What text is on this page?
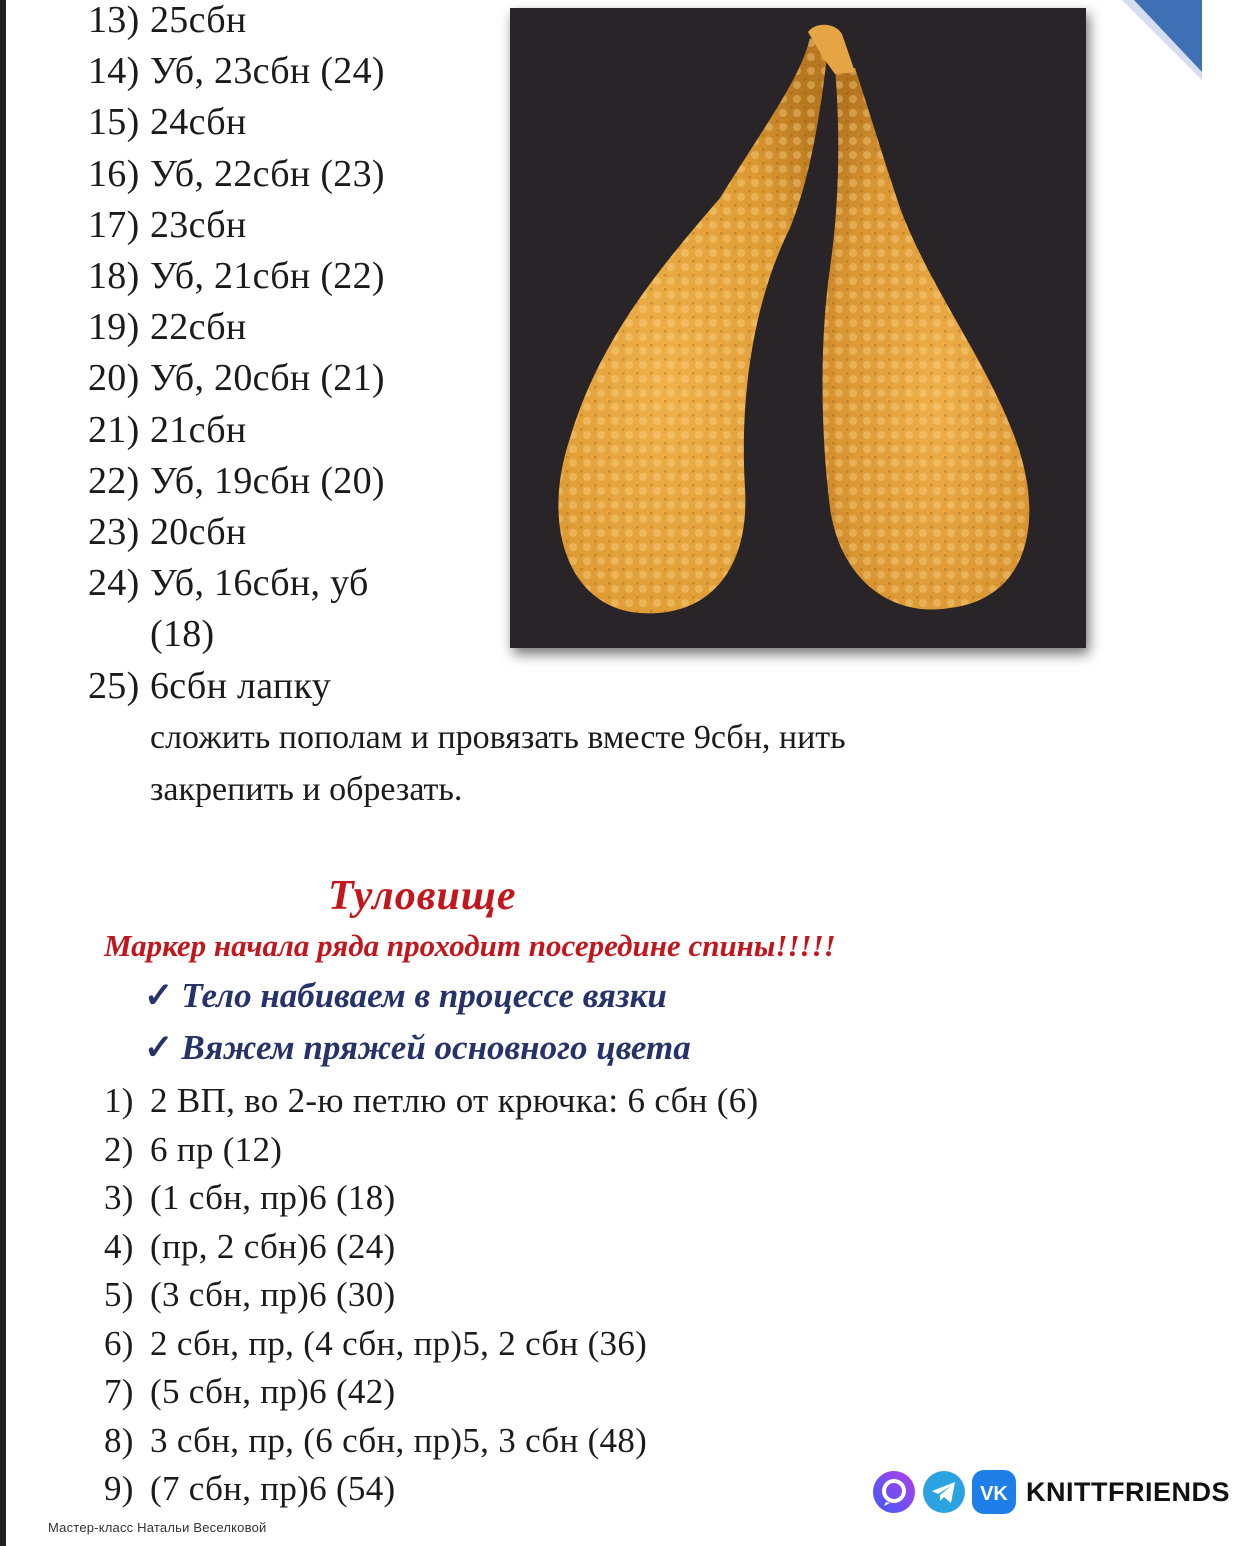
13) 25сбн
14) Уб, 23сбн (24)
15) 24сбн
16) Уб, 22сбн (23)
17) 23сбн
18) Уб, 21сбн (22)
19) 22сбн
20) Уб, 20сбн (21)
21) 21сбн
22) Уб, 19сбн (20)
23) 20сбн
24) Уб, 16сбн, уб
(18)
25) 6сбн лапку
сложить пополам и провязать вместе 9сбн, нить
закрепить и обрезать.
Туловище
Маркер начала ряда проходит посередине спины!!!!!
✓ Тело набиваем в процессе вязки
✓ Вяжем пряжей основного цвета
1) 2 ВП, во 2-ю петлю от крючка: 6 сбн (6)
2) 6 пр (12)
3) (1 сбн, пр)6 (18)
4) (пр, 2 сбн)6 (24)
5) (3 сбн, пр)6 (30)
6) 2 сбн, пр, (4 сбн, пр)5, 2 сбн (36)
7) (5 сбн, пр)6 (42)
8) 3 сбн, пр, (6 сбн, пр)5, 3 сбн (48)
9) (7 сбн, пр)6 (54)
Мастер-класс Натальи Веселковой
VK KNITTFRIENDS
